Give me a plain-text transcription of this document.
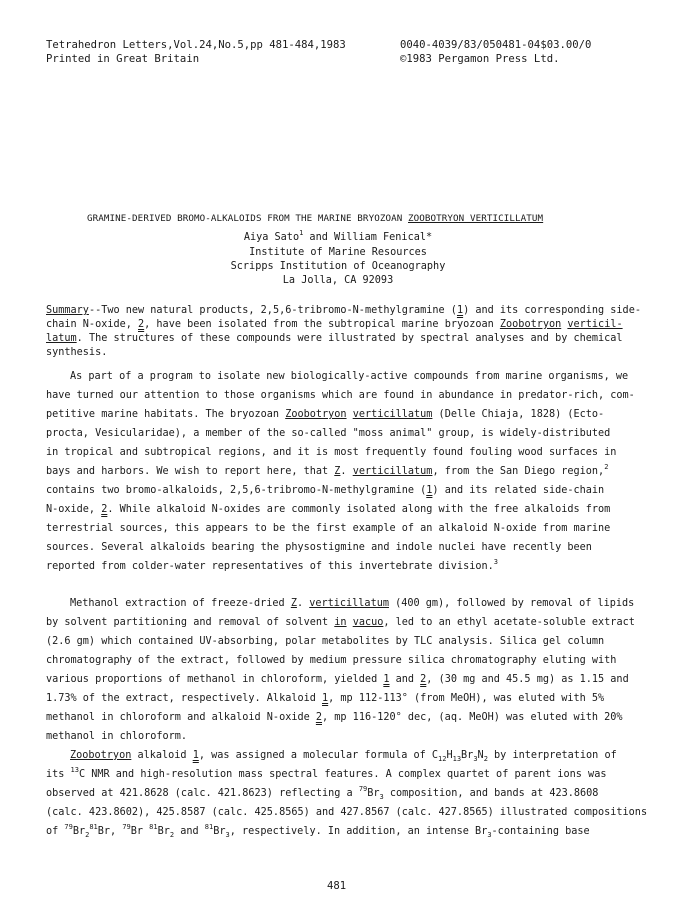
Tetrahedron Letters,Vol.24,No.5,pp 481-484,1983	0040-4039/83/050481-04$03.00/0
Printed in Great Britain	©1983 Pergamon Press Ltd.
GRAMINE-DERIVED BROMO-ALKALOIDS FROM THE MARINE BRYOZOAN ZOOBOTRYON VERTICILLATUM
Aiya Sato$^1$ and William Fenical*
Institute of Marine Resources
Scripps Institution of Oceanography
La Jolla, CA 92093
Summary--Two new natural products, 2,5,6-tribromo-N-methylgramine (1) and its corresponding side-
chain N-oxide, 2, have been isolated from the subtropical marine bryozoan Zoobotryon verticil-
latum. The structures of these compounds were illustrated by spectral analyses and by chemical
synthesis.
As part of a program to isolate new biologically-active compounds from marine organisms, we
have turned our attention to those organisms which are found in abundance in predator-rich, com-
petitive marine habitats. The bryozoan Zoobotryon verticillatum (Delle Chiaja, 1828) (Ecto-
procta, Vesicularidae), a member of the so-called "moss animal" group, is widely-distributed
in tropical and subtropical regions, and it is most frequently found fouling wood surfaces in
bays and harbors. We wish to report here, that Z. verticillatum, from the San Diego region,$^2$
contains two bromo-alkaloids, 2,5,6-tribromo-N-methylgramine (1) and its related side-chain
N-oxide, 2. While alkaloid N-oxides are commonly isolated along with the free alkaloids from
terrestrial sources, this appears to be the first example of an alkaloid N-oxide from marine
sources. Several alkaloids bearing the physostigmine and indole nuclei have recently been
reported from colder-water representatives of this invertebrate division.$^3$
Methanol extraction of freeze-dried Z. verticillatum (400 gm), followed by removal of lipids
by solvent partitioning and removal of solvent in vacuo, led to an ethyl acetate-soluble extract
(2.6 gm) which contained UV-absorbing, polar metabolites by TLC analysis. Silica gel column
chromatography of the extract, followed by medium pressure silica chromatography eluting with
various proportions of methanol in chloroform, yielded 1 and 2, (30 mg and 45.5 mg) as 1.15 and
1.73% of the extract, respectively. Alkaloid 1, mp 112-113° (from MeOH), was eluted with 5%
methanol in chloroform and alkaloid N-oxide 2, mp 116-120° dec, (aq. MeOH) was eluted with 20%
methanol in chloroform.
Zoobotryon alkaloid 1, was assigned a molecular formula of $C_{12}H_{13}Br_3N_2$ by interpretation of
its $^{13}$C NMR and high-resolution mass spectral features. A complex quartet of parent ions was
observed at 421.8628 (calc. 421.8623) reflecting a $^{79}Br_3$ composition, and bands at 423.8608
(calc. 423.8602), 425.8587 (calc. 425.8565) and 427.8567 (calc. 427.8565) illustrated compositions
of $^{79}Br_2^{81}Br$, $^{79}$Br $^{81}Br_2$ and $^{81}Br_3$, respectively. In addition, an intense $Br_3$-containing base
481
